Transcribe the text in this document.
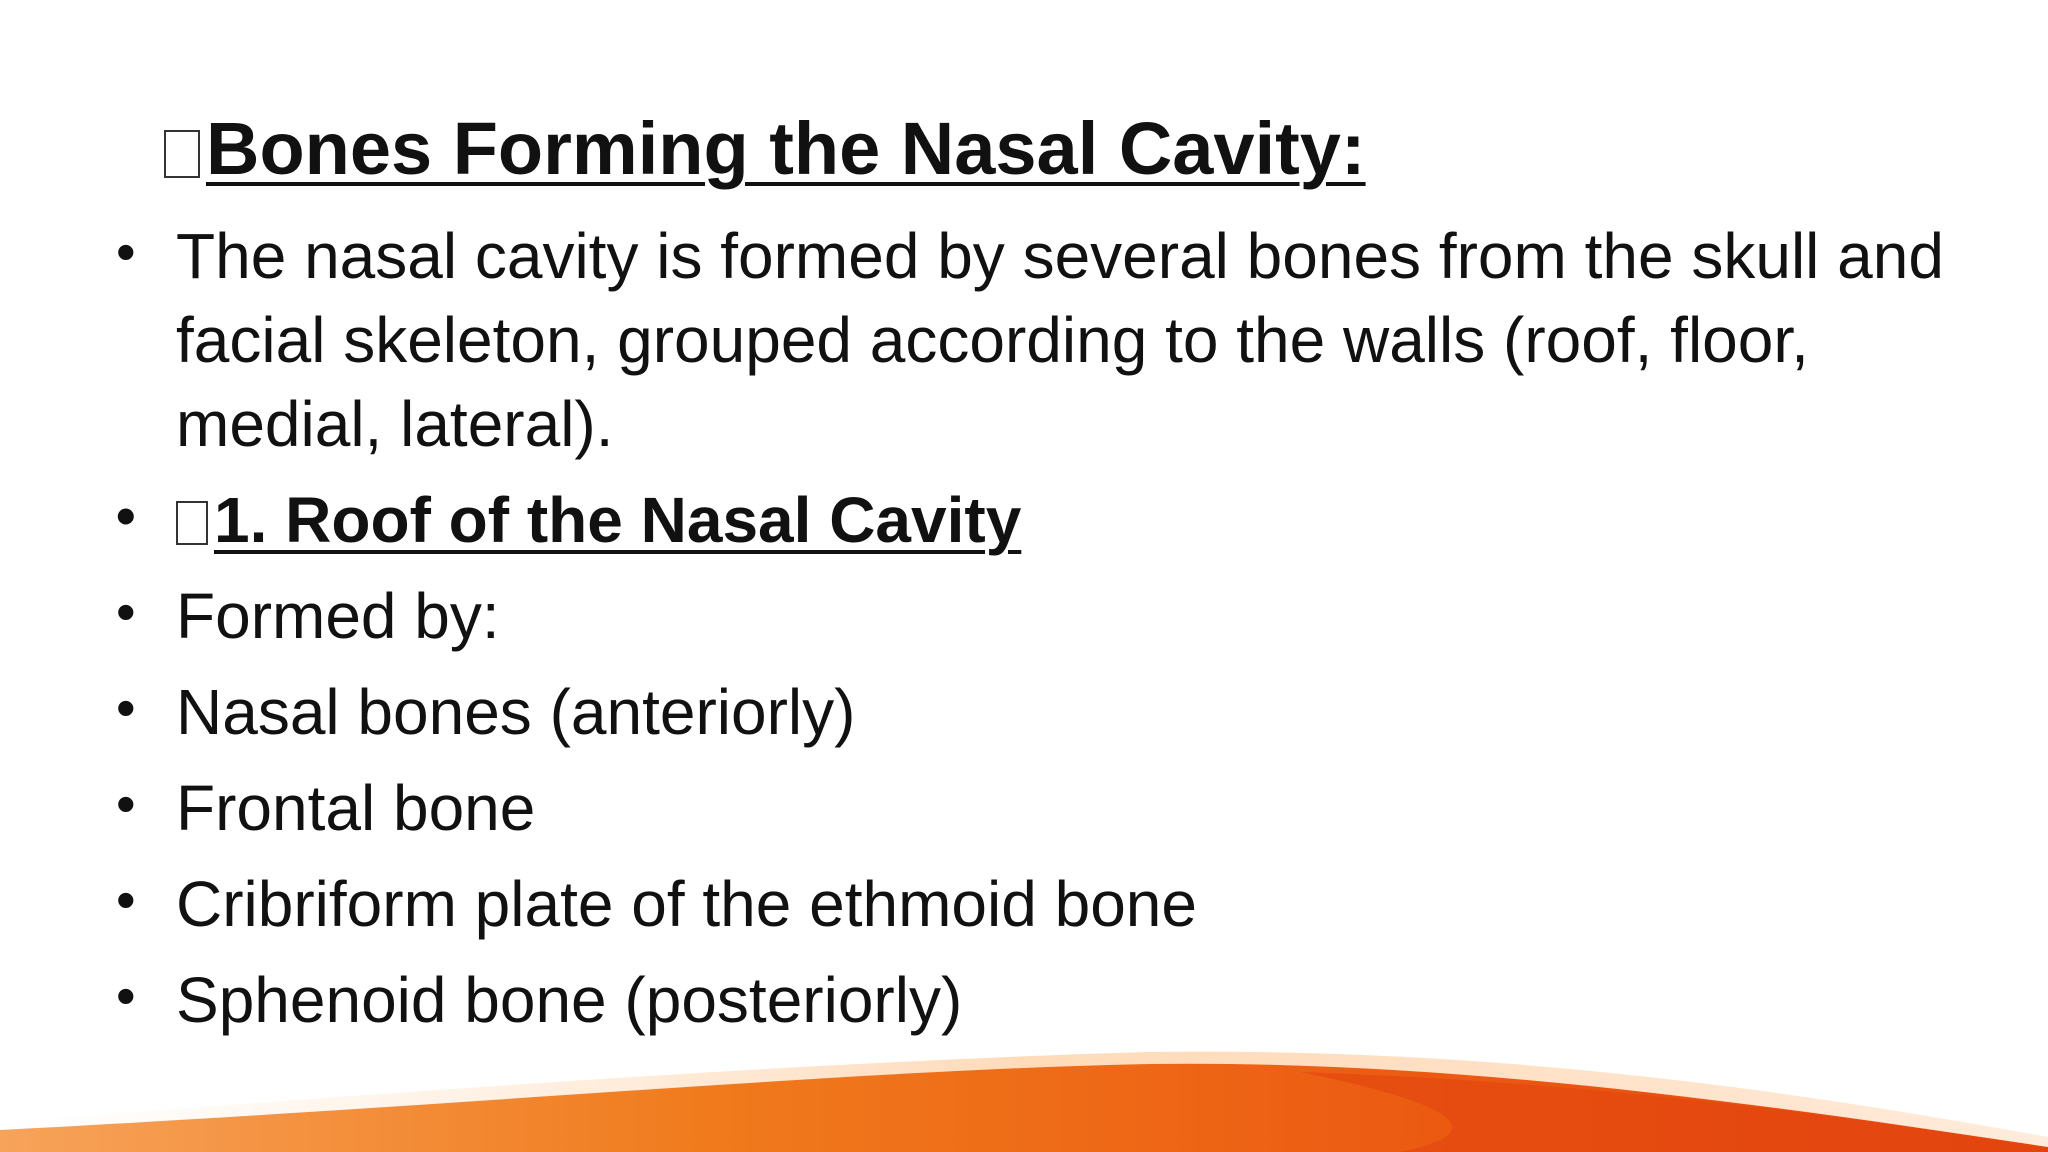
Bones Forming the Nasal Cavity:
• The nasal cavity is formed by several bones from the skull and facial skeleton, grouped according to the walls (roof, floor, medial, lateral).
• 1. Roof of the Nasal Cavity
• Formed by:
• Nasal bones (anteriorly)
• Frontal bone
• Cribriform plate of the ethmoid bone
• Sphenoid bone (posteriorly)
